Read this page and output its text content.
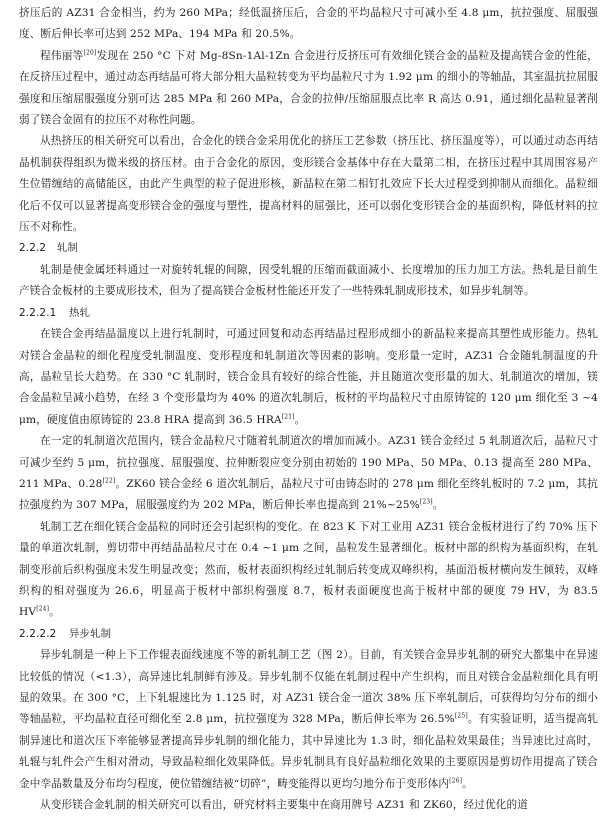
挤压后的 AZ31 合金相当，约为 260 MPa；经低温挤压后，合金的平均晶粒尺寸可减小至 4.8 μm，抗拉强度、屈服强度、断后伸长率可达到 252 MPa、194 MPa 和 20.5%。

程伟丽等[20]发现在 250 °C 下对 Mg-8Sn-1Al-1Zn 合金进行反挤压可有效细化镁合金的晶粒及提高镁合金的性能，在反挤压过程中，通过动态再结晶可将大部分粗大晶粒转变为平均晶粒尺寸为 1.92 μm 的细小的等轴晶，其室温抗拉屈服强度和压缩屈服强度分别可达 285 MPa 和 260 MPa，合金的拉伸/压缩屈服点比率 R 高达 0.91，通过细化晶粒显著削弱了镁合金固有的拉压不对称性问题。

从热挤压的相关研究可以看出，合金化的镁合金采用优化的挤压工艺参数（挤压比、挤压温度等），可以通过动态再结晶机制获得组织为微米级的挤压材。由于合金化的原因，变形镁合金基体中存在大量第二相，在挤压过程中其周围容易产生位错缠结的高储能区，由此产生典型的粒子促进形核，新晶粒在第二相钉扎效应下长大过程受到抑制从而细化。晶粒细化后不仅可以显著提高变形镁合金的强度与塑性，提高材料的屈强比，还可以弱化变形镁合金的基面织构，降低材料的拉压不对称性。

2.2.2 轧制

轧制是使金属坯料通过一对旋转轧辊的间隙，因受轧辊的压缩而截面减小、长度增加的压力加工方法。热轧是目前生产镁合金板材的主要成形技术，但为了提高镁合金板材性能还开发了一些特殊轧制成形技术，如异步轧制等。

2.2.2.1 热轧

在镁合金再结晶温度以上进行轧制时，可通过回复和动态再结晶过程形成细小的新晶粒来提高其塑性成形能力。热轧对镁合金晶粒的细化程度受轧制温度、变形程度和轧制道次等因素的影响。变形量一定时，AZ31 合金随轧制温度的升高，晶粒呈长大趋势。在 330 °C 轧制时，镁合金具有较好的综合性能，并且随道次变形量的加大、轧制道次的增加，镁合金晶粒呈减小趋势，在经 3 个变形量均为 40% 的道次轧制后，板材的平均晶粒尺寸由原铸锭的 120 μm 细化至 3 ~4 μm，硬度值由原铸锭的 23.8 HRA 提高到 36.5 HRA[21]。

在一定的轧制道次范围内，镁合金晶粒尺寸随着轧制道次的增加而减小。AZ31 镁合金经过 5 轧制道次后，晶粒尺寸可减少至约 5 μm，抗拉强度、屈服强度、拉伸断裂应变分别由初始的 190 MPa、50 MPa、0.13 提高至 280 MPa、211 MPa、0.28[22]。ZK60 镁合金经 6 道次轧制后，晶粒尺寸可由铸态时的 278 μm 细化至终轧板时的 7.2 μm，其抗拉强度约为 307 MPa，屈服强度约为 202 MPa，断后伸长率也提高到 21%~25%[23]。

轧制工艺在细化镁合金晶粒的同时还会引起织构的变化。在 823 K 下对工业用 AZ31 镁合金板材进行了约 70% 压下量的单道次轧制，剪切带中再结晶晶粒尺寸在 0.4 ~1 μm 之间，晶粒发生显著细化。板材中部的织构为基面织构，在轧制变形前后织构强度未发生明显改变；然而，板材表面织构经过轧制后转变成双峰织构，基面沿板材横向发生倾转，双峰织构的相对强度为 26.6，明显高于板材中部织构强度 8.7，板材表面硬度也高于板材中部的硬度 79 HV，为 83.5 HV[24]。

2.2.2.2 异步轧制

异步轧制是一种上下工作辊表面线速度不等的新轧制工艺（图 2）。目前，有关镁合金异步轧制的研究大都集中在异速比较低的情况（<1.3），高异速比轧制鲜有涉及。异步轧制不仅能在轧制过程中产生织构，而且对镁合金晶粒细化具有明显的效果。在 300 °C，上下轧辊速比为 1.125 时，对 AZ31 镁合金一道次 38% 压下率轧制后，可获得均匀分布的细小等轴晶粒，平均晶粒直径可细化至 2.8 μm，抗拉强度为 328 MPa，断后伸长率为 26.5%[25]。有实验证明，适当提高轧制异速比和道次压下率能够显著提高异步轧制的细化能力，其中异速比为 1.3 时，细化晶粒效果最佳；当异速比过高时，轧辊与轧件会产生相对滑动，导致晶粒细化效果降低。异步轧制具有良好晶粒细化效果的主要原因是剪切作用提高了镁合金中孪晶数量及分布均匀程度，使位错缠结被“切碎”，畴变能得以更均匀地分布于变形体内[26]。

从变形镁合金轧制的相关研究可以看出，研究材料主要集中在商用牌号 AZ31 和 ZK60，经过优化的道
